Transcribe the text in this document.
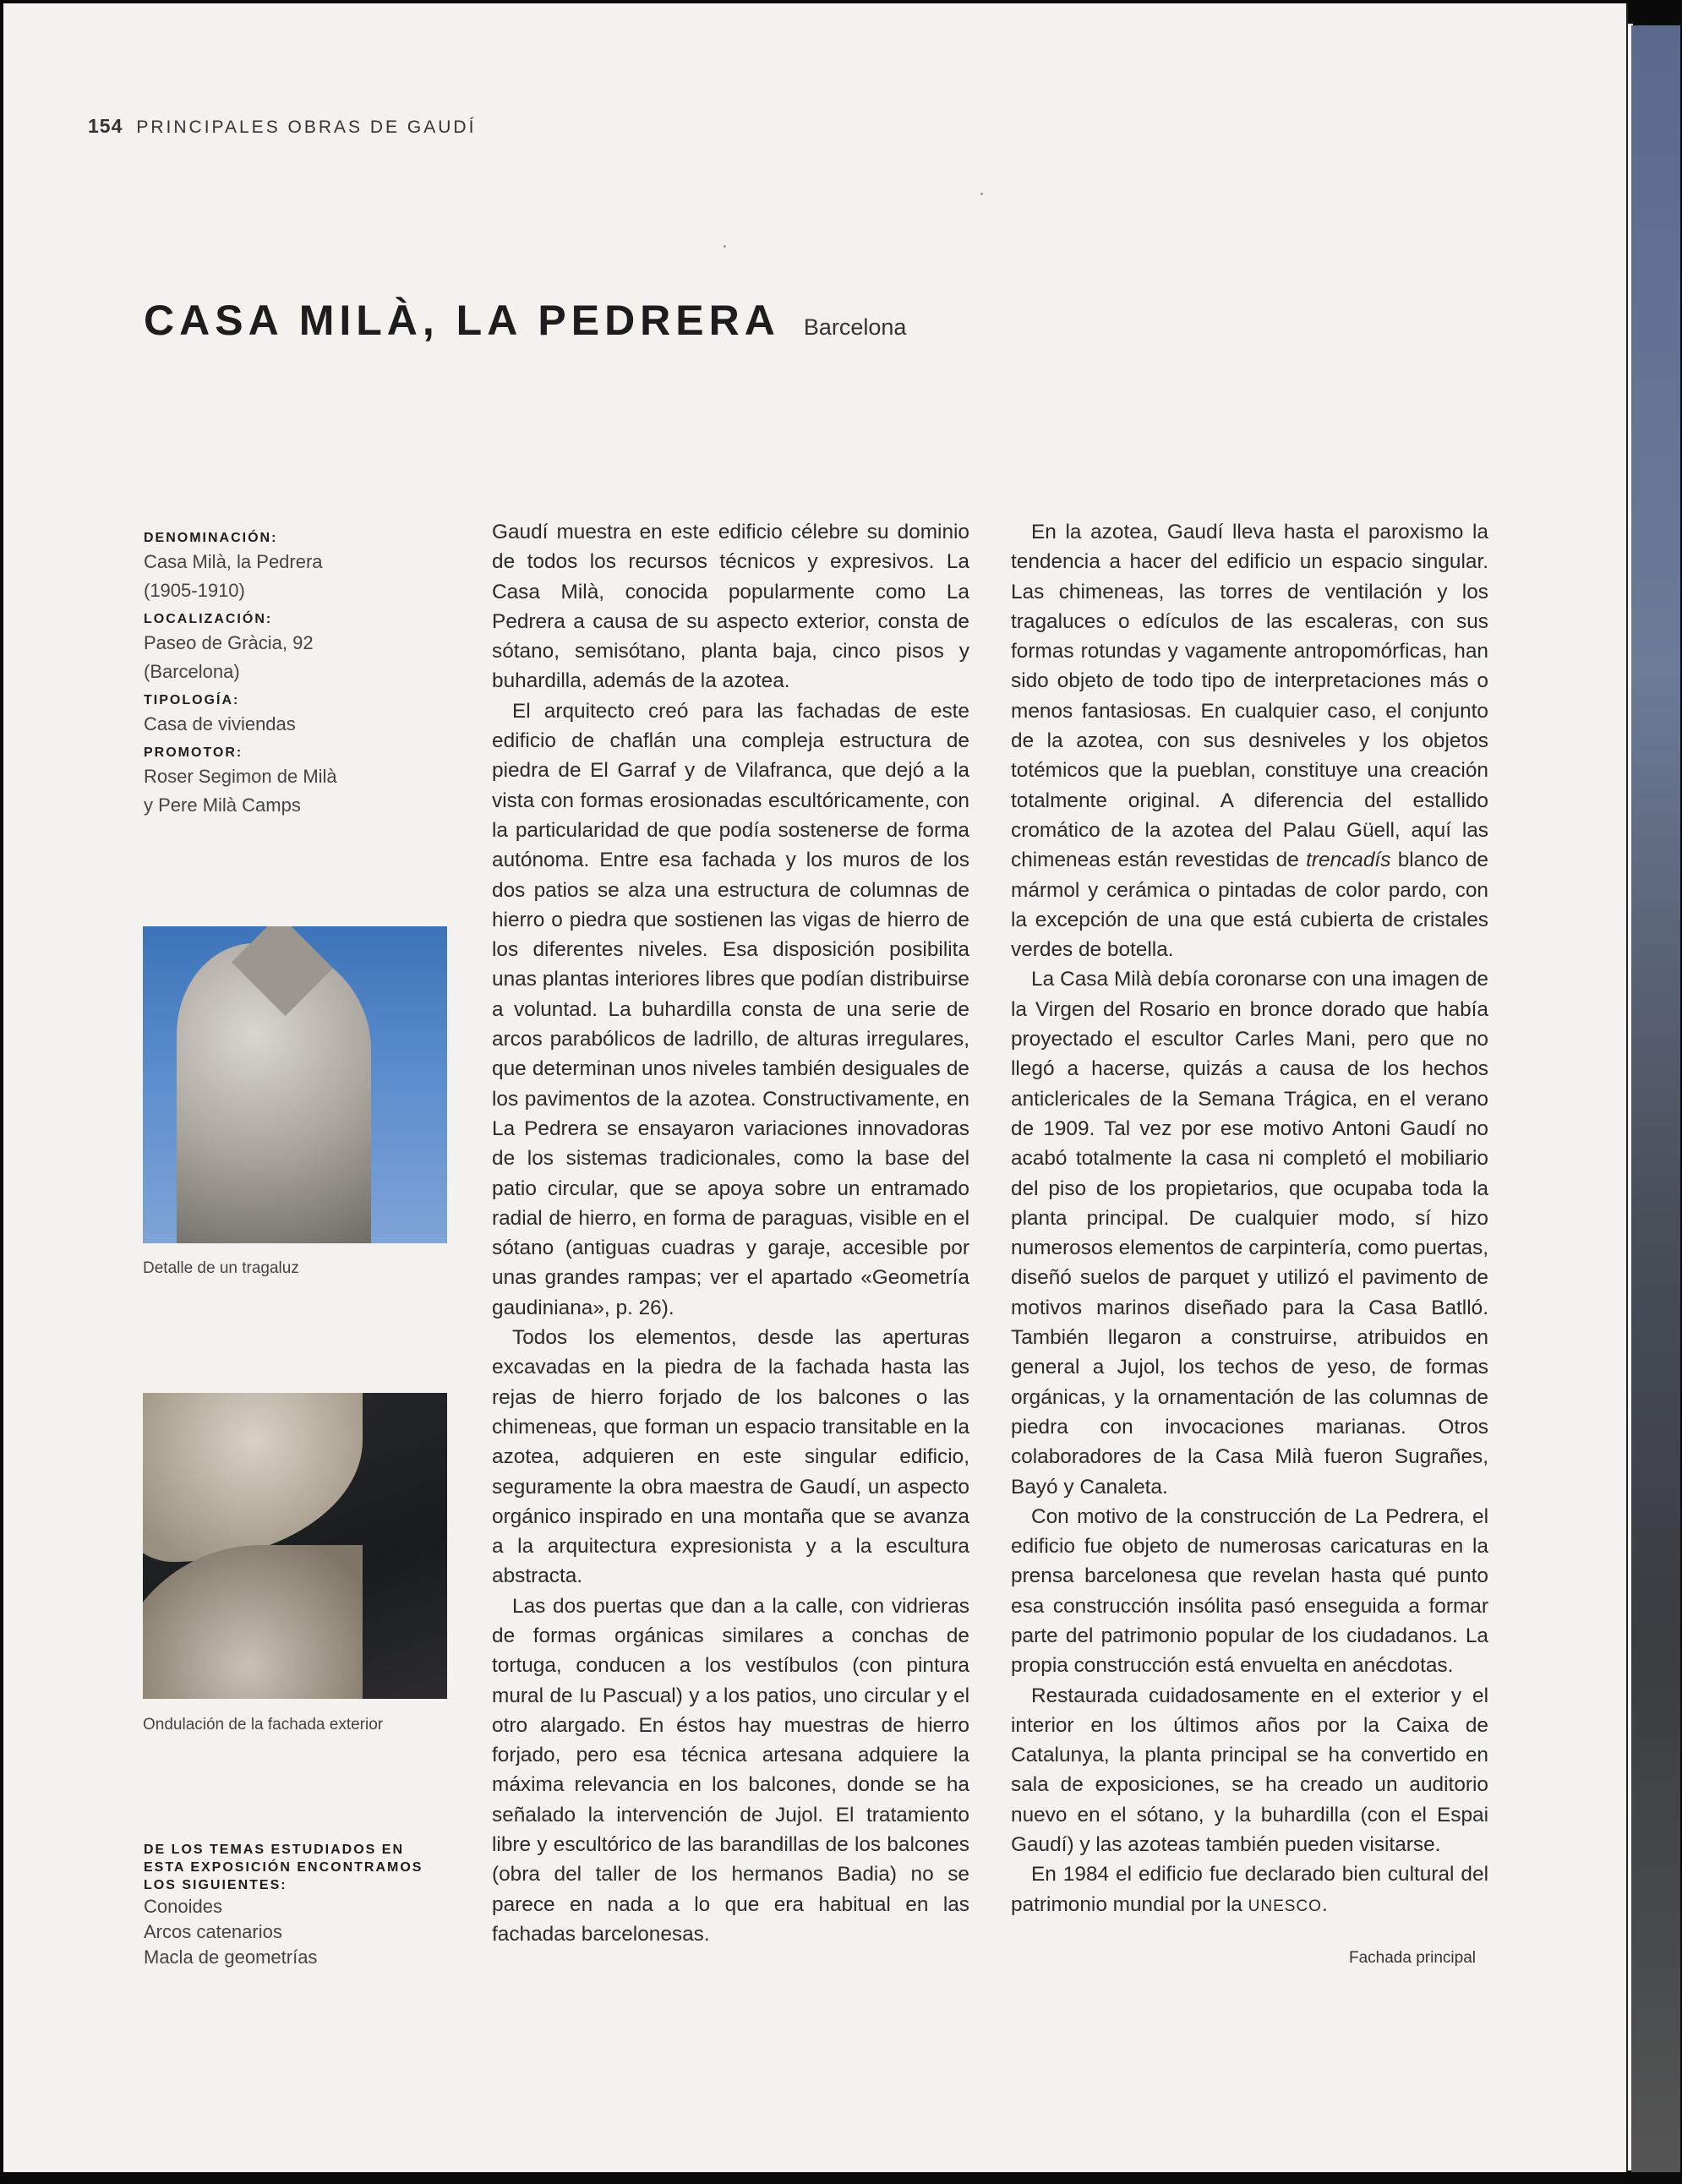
154 PRINCIPALES OBRAS DE GAUDÍ
CASA MILÀ, LA PEDRERA Barcelona
DENOMINACIÓN:
Casa Milà, la Pedrera
(1905-1910)
LOCALIZACIÓN:
Paseo de Gràcia, 92
(Barcelona)
TIPOLOGÍA:
Casa de viviendas
PROMOTOR:
Roser Segimon de Milà
y Pere Milà Camps
Detalle de un tragaluz
Ondulación de la fachada exterior
DE LOS TEMAS ESTUDIADOS EN
ESTA EXPOSICIÓN ENCONTRAMOS
LOS SIGUIENTES:
Conoides
Arcos catenarios
Macla de geometrías

Gaudí muestra en este edificio célebre su dominio de todos los recursos técnicos y expresivos. La Casa Milà, conocida popularmente como La Pedrera a causa de su aspecto exterior, consta de sótano, semisótano, planta baja, cinco pisos y buhardilla, además de la azotea.

El arquitecto creó para las fachadas de este edificio de chaflán una compleja estructura de piedra de El Garraf y de Vilafranca, que dejó a la vista con formas erosionadas escultóricamente, con la particularidad de que podía sostenerse de forma autónoma. Entre esa fachada y los muros de los dos patios se alza una estructura de columnas de hierro o piedra que sostienen las vigas de hierro de los diferentes niveles. Esa disposición posibilita unas plantas interiores libres que podían distribuirse a voluntad. La buhardilla consta de una serie de arcos parabólicos de ladrillo, de alturas irregulares, que determinan unos niveles también desiguales de los pavimentos de la azotea. Constructivamente, en La Pedrera se ensayaron variaciones innovadoras de los sistemas tradicionales, como la base del patio circular, que se apoya sobre un entramado radial de hierro, en forma de paraguas, visible en el sótano (antiguas cuadras y garaje, accesible por unas grandes rampas; ver el apartado «Geometría gaudiniana», p. 26).

Todos los elementos, desde las aperturas excavadas en la piedra de la fachada hasta las rejas de hierro forjado de los balcones o las chimeneas, que forman un espacio transitable en la azotea, adquieren en este singular edificio, seguramente la obra maestra de Gaudí, un aspecto orgánico inspirado en una montaña que se avanza a la arquitectura expresionista y a la escultura abstracta.

Las dos puertas que dan a la calle, con vidrieras de formas orgánicas similares a conchas de tortuga, conducen a los vestíbulos (con pintura mural de Iu Pascual) y a los patios, uno circular y el otro alargado. En éstos hay muestras de hierro forjado, pero esa técnica artesana adquiere la máxima relevancia en los balcones, donde se ha señalado la intervención de Jujol. El tratamiento libre y escultórico de las barandillas de los balcones (obra del taller de los hermanos Badia) no se parece en nada a lo que era habitual en las fachadas barcelonesas.

En la azotea, Gaudí lleva hasta el paroxismo la tendencia a hacer del edificio un espacio singular. Las chimeneas, las torres de ventilación y los tragaluces o edículos de las escaleras, con sus formas rotundas y vagamente antropomórficas, han sido objeto de todo tipo de interpretaciones más o menos fantasiosas. En cualquier caso, el conjunto de la azotea, con sus desniveles y los objetos totémicos que la pueblan, constituye una creación totalmente original. A diferencia del estallido cromático de la azotea del Palau Güell, aquí las chimeneas están revestidas de trencadís blanco de mármol y cerámica o pintadas de color pardo, con la excepción de una que está cubierta de cristales verdes de botella.

La Casa Milà debía coronarse con una imagen de la Virgen del Rosario en bronce dorado que había proyectado el escultor Carles Mani, pero que no llegó a hacerse, quizás a causa de los hechos anticlericales de la Semana Trágica, en el verano de 1909. Tal vez por ese motivo Antoni Gaudí no acabó totalmente la casa ni completó el mobiliario del piso de los propietarios, que ocupaba toda la planta principal. De cualquier modo, sí hizo numerosos elementos de carpintería, como puertas, diseñó suelos de parquet y utilizó el pavimento de motivos marinos diseñado para la Casa Batlló. También llegaron a construirse, atribuidos en general a Jujol, los techos de yeso, de formas orgánicas, y la ornamentación de las columnas de piedra con invocaciones marianas. Otros colaboradores de la Casa Milà fueron Sugrañes, Bayó y Canaleta.

Con motivo de la construcción de La Pedrera, el edificio fue objeto de numerosas caricaturas en la prensa barcelonesa que revelan hasta qué punto esa construcción insólita pasó enseguida a formar parte del patrimonio popular de los ciudadanos. La propia construcción está envuelta en anécdotas.

Restaurada cuidadosamente en el exterior y el interior en los últimos años por la Caixa de Catalunya, la planta principal se ha convertido en sala de exposiciones, se ha creado un auditorio nuevo en el sótano, y la buhardilla (con el Espai Gaudí) y las azoteas también pueden visitarse.

En 1984 el edificio fue declarado bien cultural del patrimonio mundial por la UNESCO.

Fachada principal
